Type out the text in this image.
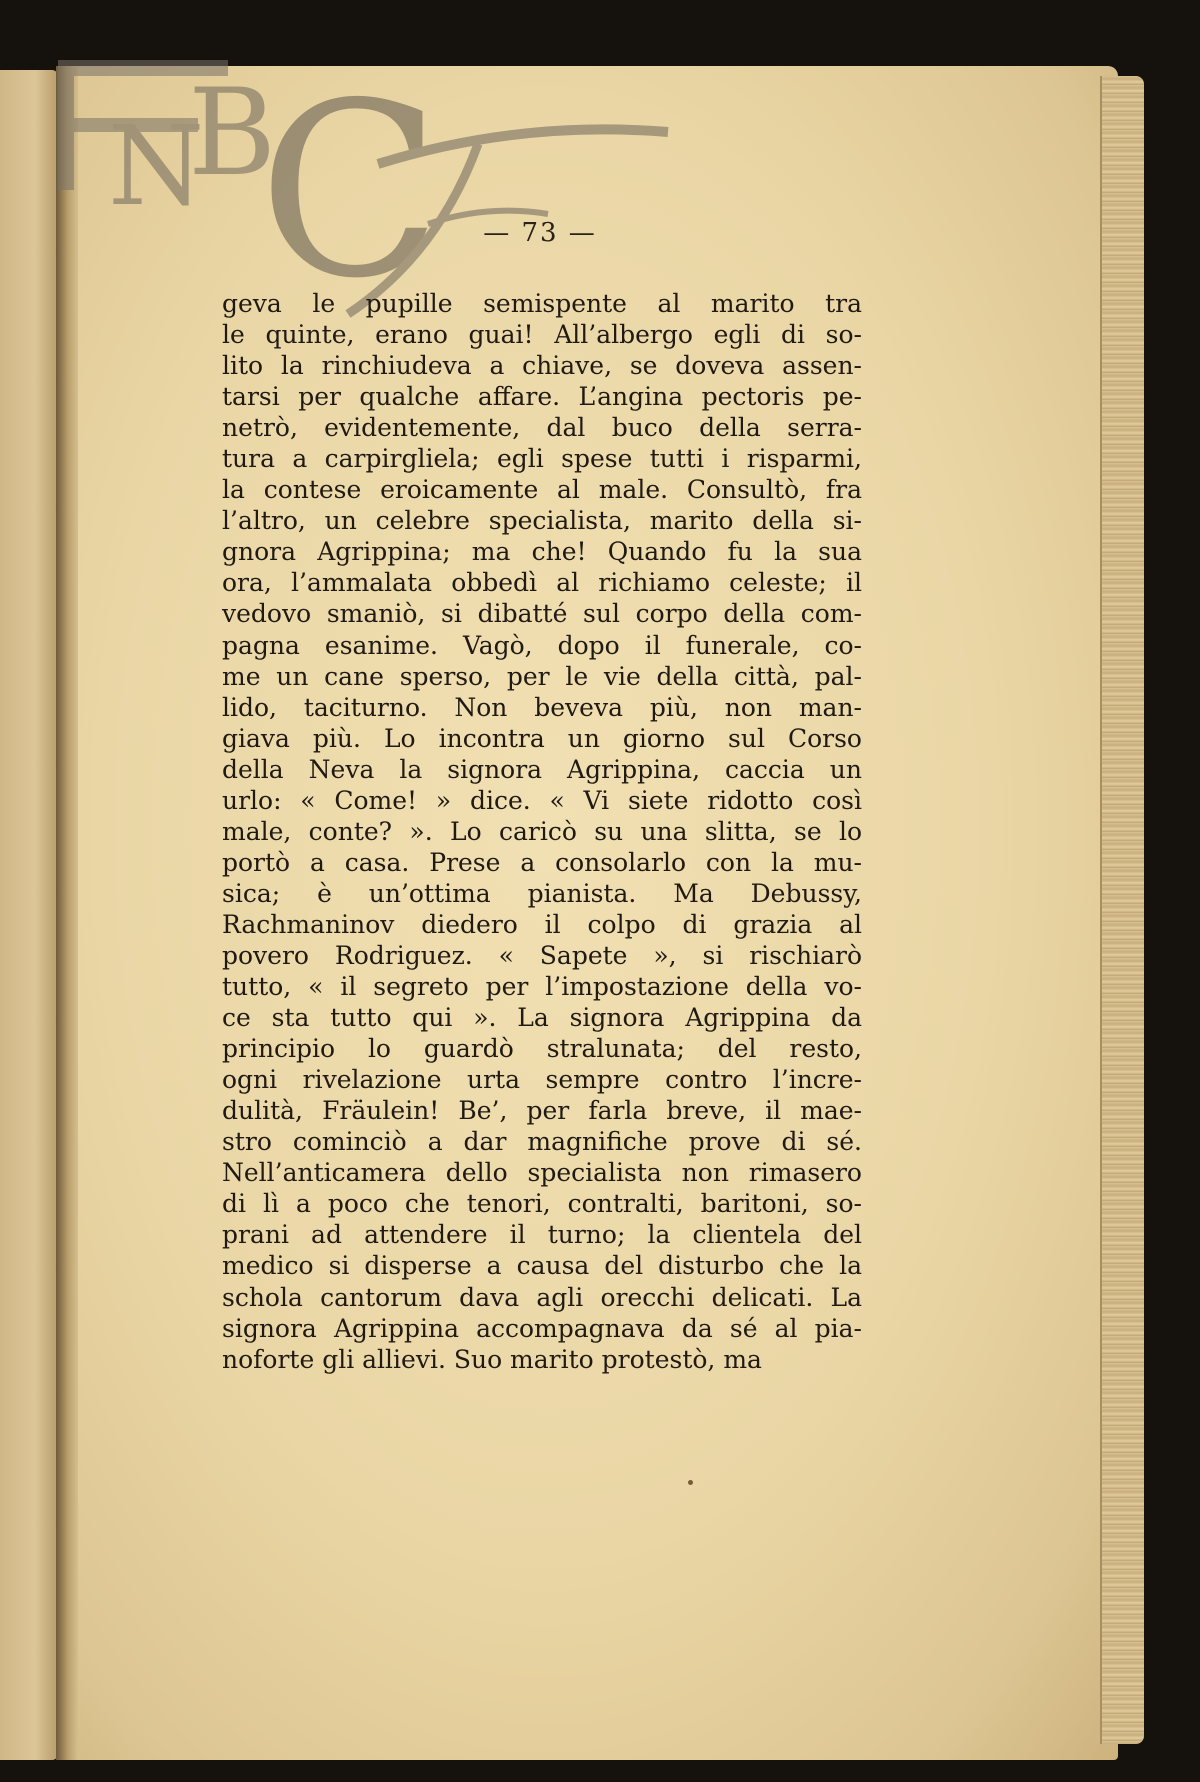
N
B
C	— 73 —
geva le pupille semispente al marito tra
le quinte, erano guai! All’albergo egli di so-
lito la rinchiudeva a chiave, se doveva assen-
tarsi per qualche affare. L’angina pectoris pe-
netrò, evidentemente, dal buco della serra-
tura a carpirgliela; egli spese tutti i risparmi,
la contese eroicamente al male. Consultò, fra
l’altro, un celebre specialista, marito della si-
gnora Agrippina; ma che! Quando fu la sua
ora, l’ammalata obbedì al richiamo celeste; il
vedovo smaniò, si dibatté sul corpo della com-
pagna esanime. Vagò, dopo il funerale, co-
me un cane sperso, per le vie della città, pal-
lido, taciturno. Non beveva più, non man-
giava più. Lo incontra un giorno sul Corso
della Neva la signora Agrippina, caccia un
urlo: « Come! » dice. « Vi siete ridotto così
male, conte? ». Lo caricò su una slitta, se lo
portò a casa. Prese a consolarlo con la mu-
sica; è un’ottima pianista. Ma Debussy,
Rachmaninov diedero il colpo di grazia al
povero Rodriguez. « Sapete », si rischiarò
tutto, « il segreto per l’impostazione della vo-
ce sta tutto qui ». La signora Agrippina da
principio lo guardò stralunata; del resto,
ogni rivelazione urta sempre contro l’incre-
dulità, Fräulein! Be’, per farla breve, il mae-
stro cominciò a dar magnifiche prove di sé.
Nell’anticamera dello specialista non rimasero
di lì a poco che tenori, contralti, baritoni, so-
prani ad attendere il turno; la clientela del
medico si disperse a causa del disturbo che la
schola cantorum dava agli orecchi delicati. La
signora Agrippina accompagnava da sé al pia-
noforte gli allievi. Suo marito protestò, ma
